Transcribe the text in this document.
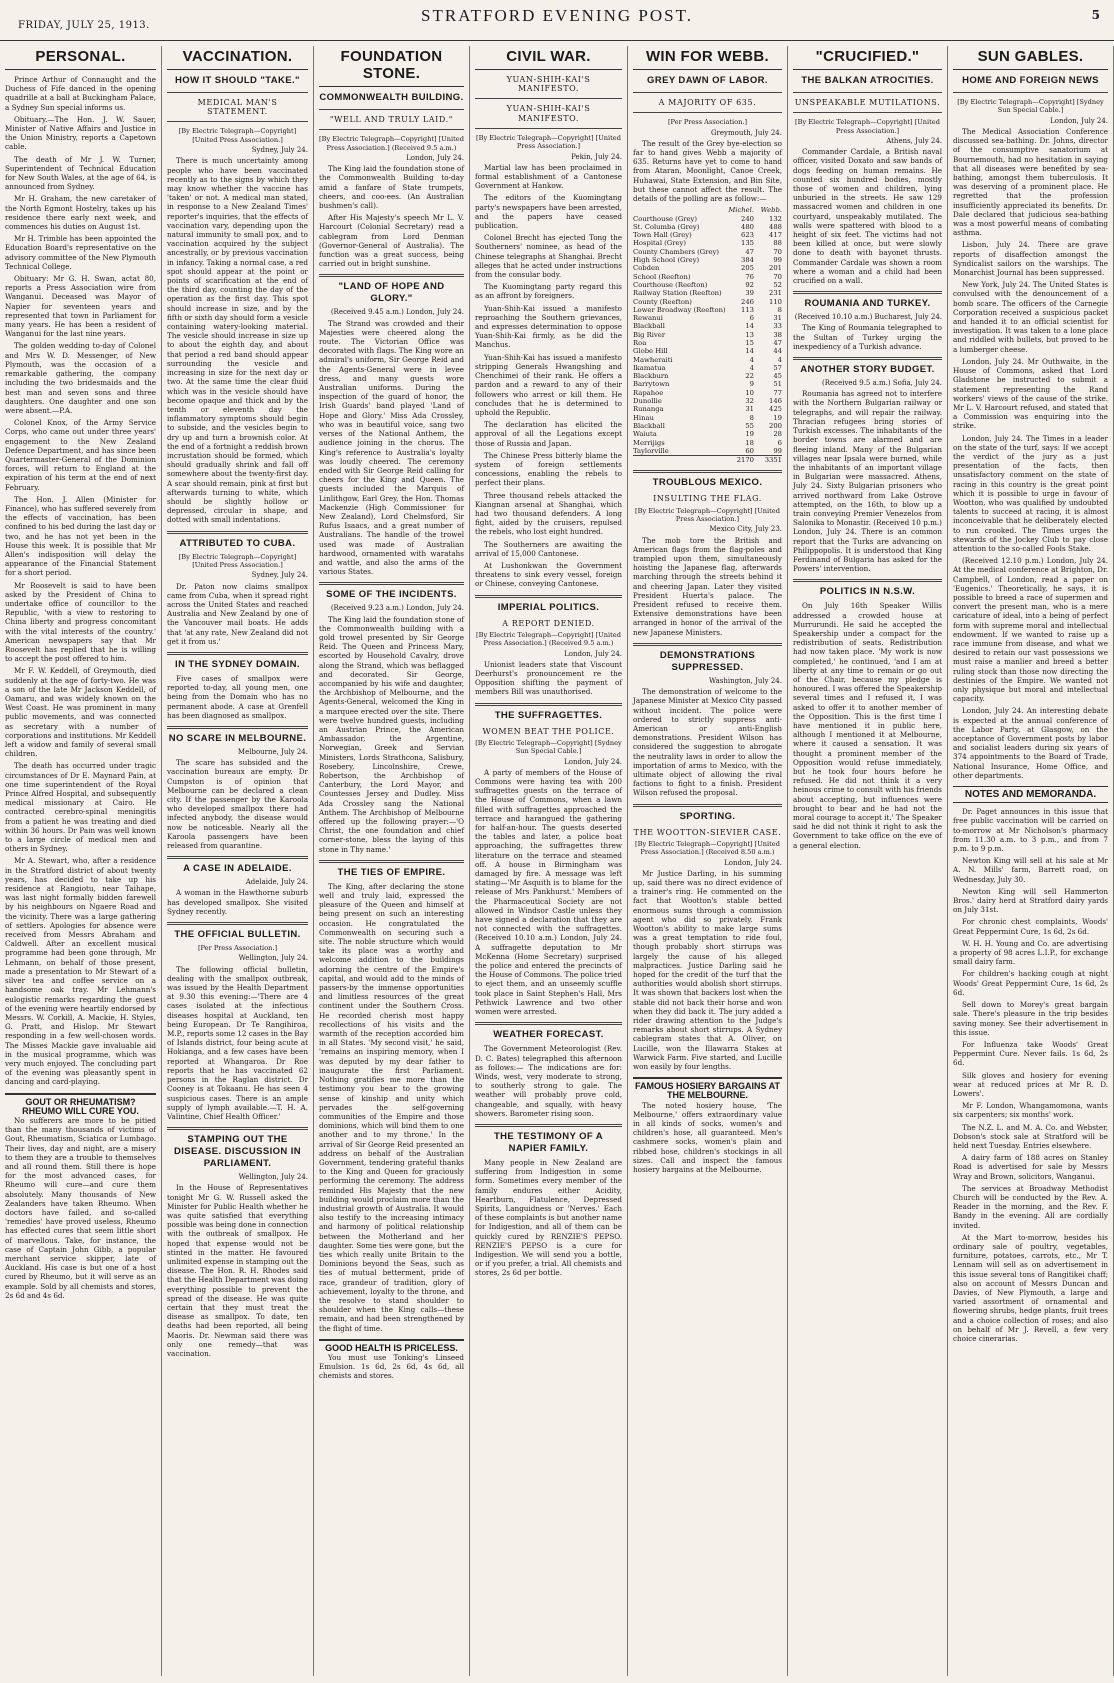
FRIDAY, JULY 25, 1913.
STRATFORD EVENING POST.	5
PERSONAL.

Prince Arthur of Connaught and the Duchess of Fife danced in the opening quadrille at a ball at Buckingham Palace, a Sydney Sun special informs us.

Obituary.—The Hon. J. W. Sauer, Minister of Native Affairs and Justice in the Union Ministry, reports a Capetown cable.

The death of Mr J. W. Turner, Superintendent of Technical Education for New South Wales, at the age of 64, is announced from Sydney.

Mr H. Graham, the new caretaker of the North Egmont Hostelry, takes up his residence there early next week, and commences his duties on August 1st.

Mr H. Trimble has been appointed the Education Board's representative on the advisory committee of the New Plymouth Technical College.

Obituary: Mr G. H. Swan, actat 80, reports a Press Association wire from Wanganui. Deceased was Mayor of Napier for seventeen years and represented that town in Parliament for many years. He has been a resident of Wanganui for the last nine years.

The golden wedding to-day of Colonel and Mrs W. D. Messenger, of New Plymouth, was the occasion of a remarkable gathering, the company including the two bridesmaids and the best man and seven sons and three daughters. One daughter and one son were absent.—P.A.

Colonel Knox, of the Army Service Corps, who came out under three years' engagement to the New Zealand Defence Department, and has since been Quartermaster-General of the Dominion forces, will return to England at the expiration of his term at the end of next February.

The Hon. J. Allen (Minister for Finance), who has suffered severely from the effects of vaccination, has been confined to his bed during the last day or two, and he has not yet been in the House this week. It is possible that Mr Allen's indisposition will delay the appearance of the Financial Statement for a short period.

Mr Roosevelt is said to have been asked by the President of China to undertake office of councillor to the Republic, 'with a view to restoring to China liberty and progress concomitant with the vital interests of the country.' American newspapers say that Mr Roosevelt has replied that he is willing to accept the post offered to him.

Mr F. W. Keddell, of Greymouth, died suddenly at the age of forty-two. He was a son of the late Mr Jackson Keddell, of Oamaru, and was widely known on the West Coast. He was prominent in many public movements, and was connected as secretary with a number of corporations and institutions. Mr Keddell left a widow and family of several small children.

The death has occurred under tragic circumstances of Dr E. Maynard Pain, at one time superintendent of the Royal Prince Alfred Hospital, and subsequently medical missionary at Cairo. He contracted cerebro-spinal meningitis from a patient he was treating and died within 36 hours. Dr Pain was well known to a large circle of medical men and others in Sydney.

Mr A. Stewart, who, after a residence in the Stratford district of about twenty years, has decided to take up his residence at Rangiotu, near Taihape, was last night formally bidden farewell by his neighbours on Ngaere Road and the vicinity. There was a large gathering of settlers. Apologies for absence were received from Messrs Abraham and Caldwell. After an excellent musical programme had been gone through, Mr Lehmann, on behalf of those present, made a presentation to Mr Stewart of a silver tea and coffee service on a handsome oak tray. Mr Lehmann's eulogistic remarks regarding the guest of the evening were heartily endorsed by Messrs. W. Corkill, A. Mackie, H. Styles, G. Pratt, and Hislop. Mr Stewart responding in a few well-chosen words. The Misses Mackie gave invaluable aid in the musical programme, which was very much enjoyed. The concluding part of the evening was pleasantly spent in dancing and card-playing.

GOUT OR RHEUMATISM? RHEUMO WILL CURE YOU.

No sufferers are more to be pitied than the many thousands of victims of Gout, Rheumatism, Sciatica or Lumbago. Their lives, day and night, are a misery to them they are a trouble to themselves and all round them. Still there is hope for the most advanced cases, for Rheumo will cure—and cure them absolutely. Many thousands of New Zealanders have taken Rheumo. When doctors have failed, and so-called 'remedies' have proved useless, Rheumo has effected cures that seem little short of marvellous. Take, for instance, the case of Captain John Gibb, a popular merchant service skipper, late of Auckland. His case is but one of a host cured by Rheumo, but it will serve as an example. Sold by all chemists and stores, 2s 6d and 4s 6d.

VACCINATION.
HOW IT SHOULD "TAKE."
MEDICAL MAN'S STATEMENT.
[By Electric Telegraph—Copyright] [United Press Association.]
Sydney, July 24.

There is much uncertainty among people who have been vaccinated recently as to the signs by which they may know whether the vaccine has 'taken' or not. A medical man stated, in response to a New Zealand Times' reporter's inquiries, that the effects of vaccination vary, depending upon the natural immunity to small pox, and to vaccination acquired by the subject ancestrally, or by previous vaccination in infancy. Taking a normal case, a red spot should appear at the point or points of scarification at the end of the third day, counting the day of the operation as the first day. This spot should increase in size, and by the fifth or sixth day should form a vesicle containing watery-looking material. The vesicle should increase in size up to about the eighth day, and about that period a red band should appear surrounding the vesicle and increasing in size for the next day or two. At the same time the clear fluid which was in the vesicle should have become opaque and thick and by the tenth or eleventh day the inflammatory symptoms should begin to subside, and the vesicles begin to dry up and turn a brownish color. At the end of a fortnight a reddish brown incrustation should be formed, which should gradually shrink and fall off somewhere about the twenty-first day. A scar should remain, pink at first but afterwards turning to white, which should be slightly hollow or depressed, circular in shape, and dotted with small indentations.

ATTRIBUTED TO CUBA.
[By Electric Telegraph—Copyright] [United Press Association.]
Sydney, July 24.

Dr. Paton now claims smallpox came from Cuba, when it spread right across the United States and reached Australia and New Zealand by one of the Vancouver mail boats. He adds that 'at any rate, New Zealand did not get it from us.'

IN THE SYDNEY DOMAIN.

Five cases of smallpox were reported to-day, all young men, one being from the Domain who has no permanent abode. A case at Grenfell has been diagnosed as smallpox.

NO SCARE IN MELBOURNE.
Melbourne, July 24.

The scare has subsided and the vaccination bureaux are empty. Dr Cumpston is of opinion that Melbourne can be declared a clean city. If the passenger by the Karoola who developed smallpox there had infected anybody, the disease would now be noticeable. Nearly all the Karoola passengers have been released from quarantine.

A CASE IN ADELAIDE.
Adelaide, July 24.

A woman in the Hawthorne suburb has developed smallpox. She visited Sydney recently.

THE OFFICIAL BULLETIN.
[Per Press Association.]
Wellington, July 24.

The following official bulletin, dealing with the smallpox outbreak, was issued by the Health Department at 9.30 this evening:—'There are 4 cases isolated at the infectious diseases hospital at Auckland, ten being European. Dr Te Rangihiroa, M.P., reports some 12 cases in the Bay of Islands district, four being acute at Hokianga, and a few cases have been reported at Whangaroa. Dr Roe reports that he has vaccinated 62 persons in the Raglan district. Dr Cooney is at Tokaanu. He has seen 4 suspicious cases. There is an ample supply of lymph available.—T. H. A. Valintine, Chief Health Officer.'

STAMPING OUT THE DISEASE. DISCUSSION IN PARLIAMENT.
Wellington, July 24.

In the House of Representatives tonight Mr G. W. Russell asked the Minister for Public Health whether he was quite satisfied that everything possible was being done in connection with the outbreak of smallpox. He hoped that expense would not be stinted in the matter. He favoured unlimited expense in stamping out the disease. The Hon. R. H. Rhodes said that the Health Department was doing everything possible to prevent the spread of the disease. He was quite certain that they must treat the disease as smallpox. To date, ten deaths had been reported, all being Maoris. Dr. Newman said there was only one remedy—that was vaccination.

FOUNDATION STONE.
COMMONWEALTH BUILDING.
"WELL AND TRULY LAID."
[By Electric Telegraph—Copyright] [United Press Association.] (Received 9.5 a.m.)
London, July 24.

The King laid the foundation stone of the Commonwealth Building to-day amid a fanfare of State trumpets, cheers, and coo-ees. (An Australian bushmen's call).

After His Majesty's speech Mr L. V. Harcourt (Colonial Secretary) read a cablegram from Lord Denman (Governor-General of Australia). The function was a great success, being carried out in bright sunshine.

"LAND OF HOPE AND GLORY."
(Received 9.45 a.m.) London, July 24.

The Strand was crowded and their Majesties were cheered along the route. The Victorian Office was decorated with flags. The King wore an admiral's uniform, Sir George Reid and the Agents-General were in levee dress, and many guests wore Australian uniforms. During the inspection of the guard of honor, the Irish Guards' band played 'Land of Hope and Glory.' Miss Ada Crossley, who was in beautiful voice, sang two verses of the National Anthem, the audience joining in the chorus. The King's reference to Australia's loyalty was loudly cheered. The ceremony ended with Sir George Reid calling for cheers for the King and Queen. The guests included the Marquis of Linlithgow, Earl Grey, the Hon. Thomas Mackenzie (High Commissioner for New Zealand), Lord Chelmsford, Sir Rufus Isaacs, and a great number of Australians. The handle of the trowel used was made of Australian hardwood, ornamented with waratahs and wattle, and also the arms of the various States.

SOME OF THE INCIDENTS.
(Received 9.23 a.m.) London, July 24.

The King laid the foundation stone of the Commonwealth building with a gold trowel presented by Sir George Reid. The Queen and Princess Mary, escorted by Household Cavalry, drove along the Strand, which was beflagged and decorated. Sir George, accompanied by his wife and daughter, the Archbishop of Melbourne, and the Agents-General, welcomed the King in a marquee erected over the site. There were twelve hundred guests, including an Austrian Prince, the American Ambassador, the Argentine, Norwegian, Greek and Servian Ministers, Lords Strathcona, Salisbury, Rosebery, Lincolnshire, Crewe, Robertson, the Archbishop of Canterbury, the Lord Mayor, and Countesses Jersey and Dudley. Miss Ada Crossley sang the National Anthem. The Archbishop of Melbourne offered up the following prayer:—'O Christ, the one foundation and chief corner-stone, bless the laying of this stone in Thy name.'

THE TIES OF EMPIRE.

The King, after declaring the stone well and truly laid, expressed the pleasure of the Queen and himself at being present on such an interesting occasion. He congratulated the Commonwealth on securing such a site. The noble structure which would take its place was a worthy and welcome addition to the buildings adorning the centre of the Empire's capital, and would add to the minds of passers-by the immense opportunities and limitless resources of the great continent under the Southern Cross. He recorded cherish most happy recollections of his visits and the warmth of the reception accorded him in all States. 'My second visit,' he said, 'remains an inspiring memory, when I was deputed by my dear father to inaugurate the first Parliament. Nothing gratifies me more than the testimony you bear to the growing sense of kinship and unity which pervades the self-governing communities of the Empire and those dominions, which will bind them to one another and to my throne.' In the arrival of Sir George Reid presented an address on behalf of the Australian Government, tendering grateful thanks to the King and Queen for graciously performing the ceremony. The address reminded His Majesty that the new building would proclaim more than the industrial growth of Australia. It would also testify to the increasing intimacy and harmony of political relationship between the Motherland and her daughter. Some ties were gone, but the ties which really unite Britain to the Dominions beyond the Seas, such as ties of mutual betterment, pride of race, grandeur of tradition, glory of achievement, loyalty to the throne, and the resolve to stand shoulder to shoulder when the King calls—these remain, and had been strengthened by the flight of time.

GOOD HEALTH IS PRICELESS.

You must use Tonking's Linseed Emulsion. 1s 6d, 2s 6d, 4s 6d, all chemists and stores.

CIVIL WAR.
YUAN-SHIH-KAI'S MANIFESTO.
YUAN-SHIH-KAI'S MANIFESTO.
[By Electric Telegraph—Copyright] [United Press Association.]
Pekin, July 24.

Martial law has been proclaimed in formal establishment of a Cantonese Government at Hankow.

The editors of the Kuomingtang party's newspapers have been arrested, and the papers have ceased publication.

Colonel Brecht has ejected Tong the Southerners' nominee, as head of the Chinese telegraphs at Shanghai. Brecht alleges that he acted under instructions from the consular body.

The Kuomingtang party regard this as an affront by foreigners.

Yuan-Shih-Kai issued a manifesto reproaching the Southern grievances, and expresses determination to oppose Yuan-Shih-Kai firmly, as he did the Manchus.

Yuan-Shih-Kai has issued a manifesto stripping Generals Hwangshing and Chenchimei of their rank. He offers a pardon and a reward to any of their followers who arrest or kill them. He concludes that he is determined to uphold the Republic.

The declaration has elicited the approval of all the Legations except those of Russia and Japan.

The Chinese Press bitterly blame the system of foreign settlements concessions, enabling the rebels to perfect their plans.

Three thousand rebels attacked the Kiangnan arsenal at Shanghai, which had two thousand defenders. A long fight, aided by the cruisers, repulsed the rebels, who lost eight hundred.

The Southerners are awaiting the arrival of 15,000 Cantonese.

At Lushonkwan the Government threatens to sink every vessel, foreign or Chinese, conveying Cantonese.

IMPERIAL POLITICS.
A REPORT DENIED.
[By Electric Telegraph—Copyright] [United Press Association.] (Received 9.5 a.m.)
London, July 24.

Unionist leaders state that Viscount Deerhurst's pronouncement re the Opposition shifting the payment of members Bill was unauthorised.

THE SUFFRAGETTES.
WOMEN BEAT THE POLICE.
[By Electric Telegraph—Copyright] [Sydney Sun Special Cable.]
London, July 24.

A party of members of the House of Commons were having tea with 200 suffragettes guests on the terrace of the House of Commons, when a lawn filled with suffragettes approached the terrace and harangued the gathering for half-an-hour. The guests deserted the tables and later, a police boat approaching, the suffragettes threw literature on the terrace and steamed off. A house in Birmingham was damaged by fire. A message was left stating—'Mr Asquith is to blame for the release of Mrs Pankhurst.' Members of the Pharmaceutical Society are not allowed in Windsor Castle unless they have signed a declaration that they are not connected with the suffragettes. (Received 10.10 a.m.) London, July 24. A suffragette deputation to Mr McKenna (Home Secretary) surprised the police and entered the precincts of the House of Commons. The police tried to eject them, and an unseemly scuffle took place in Saint Stephen's Hall, Mrs Pethwick Lawrence and two other women were arrested.

WEATHER FORECAST.

The Government Meteorologist (Rev. D. C. Bates) telegraphed this afternoon as follows:— The indications are for: Winds, west, very moderate to strong, to southerly strong to gale. The weather will probably prove cold, changeable, and squally, with heavy showers. Barometer rising soon.

THE TESTIMONY OF A NAPIER FAMILY.

Many people in New Zealand are suffering from Indigestion in some form. Sometimes every member of the family endures either Acidity, Heartburn, Flatulence, Depressed Spirits, Languidness or 'Nerves.' Each of these complaints is but another name for Indigestion, and all of them can be quickly cured by RENZIE'S PEPSO. RENZIE'S PEPSO is a cure for Indigestion. We will send you a bottle, or if you prefer, a trial. All chemists and stores, 2s 6d per bottle.

WIN FOR WEBB.
GREY DAWN OF LABOR.
A MAJORITY OF 635.
[Per Press Association.]
Greymouth, July 24.

The result of the Grey bye-election so far to hand gives Webb a majority of 635. Returns have yet to come to hand from Ataran, Moonlight, Canoe Creek, Huhawai, State Extension, and Bin Site, but these cannot affect the result. The details of the polling are as follow:—

	Michel.	Webb.
Courthouse (Grey)	240	132
St. Columba (Grey)	480	488
Town Hall (Grey)	623	417
Hospital (Grey)	135	88
County Chambers (Grey)	47	70
High School (Grey)	384	99
Cobden	205	201
School (Reefton)	76	70
Courthouse (Reefton)	92	52
Railway Station (Reefton)	39	231
County (Reefton)	246	110
Lower Broadway (Reefton)	113	8
Rewanui	6	31
Blackball	14	33
Big River	13	38
Roa	15	47
Globe Hill	14	44
Mawheraiti	4	4
Ikamatua	4	57
Blackburn	22	45
Barrytown	9	51
Rapahoe	10	77
Dunollie	32	146
Runanga	31	425
Hinau	8	19
Blackball	55	200
Waiuta	19	28
Merrijigs	18	6
Taylorville	60	99
	2170	3351
TROUBLOUS MEXICO.
INSULTING THE FLAG.
[By Electric Telegraph—Copyright] [United Press Association.]
Mexico City, July 23.

The mob tore the British and American flags from the flag-poles and trampled upon them, simultaneously hoisting the Japanese flag, afterwards marching through the streets behind it and cheering Japan. Later they visited President Huerta's palace. The President refused to receive them. Extensive demonstrations have been arranged in honor of the arrival of the new Japanese Ministers.

DEMONSTRATIONS SUPPRESSED.
Washington, July 24.

The demonstration of welcome to the Japanese Minister at Mexico City passed without incident. The police were ordered to strictly suppress anti-American or anti-English demonstrations. President Wilson has considered the suggestion to abrogate the neutrality laws in order to allow the importation of arms to Mexico, with the ultimate object of allowing the rival factions to fight to a finish. President Wilson refused the proposal.

SPORTING.
THE WOOTTON-SIEVIER CASE.
[By Electric Telegraph—Copyright] [United Press Association.] (Received 8.50 a.m.)
London, July 24.

Mr Justice Darling, in his summing up, said there was no direct evidence of a trainer's ring. He commented on the fact that Wootton's stable betted enormous sums through a commission agent who did so privately. Frank Wootton's ability to make large sums was a great temptation to ride foul, though probably short stirrups was largely the cause of his alleged malpractices. Justice Darling said he hoped for the credit of the turf that the authorities would abolish short stirrups. It was shown that backers lost when the stable did not back their horse and won when they did back it. The jury added a rider drawing attention to the Judge's remarks about short stirrups. A Sydney cablegram states that A. Oliver, on Lucille, won the Illawarra Stakes at Warwick Farm. Five started, and Lucille won easily by four lengths.

FAMOUS HOSIERY BARGAINS AT THE MELBOURNE.

The noted hosiery house, 'The Melbourne,' offers extraordinary value in all kinds of socks, women's and children's hose, all guaranteed. Men's cashmere socks, women's plain and ribbed hose, children's stockings in all sizes. Call and inspect the famous hosiery bargains at the Melbourne.

"CRUCIFIED."
THE BALKAN ATROCITIES.
UNSPEAKABLE MUTILATIONS.
[By Electric Telegraph—Copyright] [United Press Association.]
Athens, July 24.

Commander Cardale, a British naval officer, visited Doxato and saw bands of dogs feeding on human remains. He counted six hundred bodies, mostly those of women and children, lying unburied in the streets. He saw 129 massacred women and children in one courtyard, unspeakably mutilated. The walls were spattered with blood to a height of six feet. The victims had not been killed at once, but were slowly done to death with bayonet thrusts. Commander Cardale was shown a room where a woman and a child had been crucified on a wall.

ROUMANIA AND TURKEY.
(Received 10.10 a.m.) Bucharest, July 24.

The King of Roumania telegraphed to the Sultan of Turkey urging the inexpediency of a Turkish advance.

ANOTHER STORY BUDGET.
(Received 9.5 a.m.) Sofia, July 24.

Roumania has agreed not to interfere with the Northern Bulgarian railway or telegraphs, and will repair the railway. Thracian refugees bring stories of Turkish excesses. The inhabitants of the border towns are alarmed and are fleeing inland. Many of the Bulgarian villages near Ipsala were burned, while the inhabitants of an important village in Bulgarian were massacred. Athens, July 24. Sixty Bulgarian prisoners who arrived northward from Lake Ostrove attempted, on the 16th, to blow up a train conveying Premier Venezelos from Salonika to Monastir. (Received 10 p.m.) London, July 24. There is an common report that the Turks are advancing on Philippopolis. It is understood that King Ferdinand of Bulgaria has asked for the Powers' intervention.

POLITICS IN N.S.W.

On July 16th Speaker Willis addressed a crowded house at Murrurundi. He said he accepted the Speakership under a compact for the redistribution of seats. Redistribution had now taken place. 'My work is now completed,' he continued, 'and I am at liberty at any time to remain or go out of the Chair, because my pledge is honoured. I was offered the Speakership several times and I refused it, I was asked to offer it to another member of the Opposition. This is the first time I have mentioned it in public here, although I mentioned it at Melbourne, where it caused a sensation. It was thought a prominent member of the Opposition would refuse immediately, but he took four hours before he refused. He did not think it a very heinous crime to consult with his friends about accepting, but influences were brought to bear and he had not the moral courage to accept it.' The Speaker said he did not think it right to ask the Government to take office on the eve of a general election.

SUN GABLES.
HOME AND FOREIGN NEWS
[By Electric Telegraph—Copyright] [Sydney Sun Special Cable.]
London, July 24.

The Medical Association Conference discussed sea-bathing. Dr. Johns, director of the consumptive sanatorium at Bournemouth, had no hesitation in saying that all diseases were benefited by sea-bathing, amongst them tuberculosis. It was deserving of a prominent place. He regretted that the profession insufficiently appreciated its benefits. Dr. Dale declared that judicious sea-bathing was a most powerful means of combating asthma.

Lisbon, July 24. There are grave reports of disaffection amongst the Syndicalist sailors on the warships. The Monarchist Journal has been suppressed.

New York, July 24. The United States is convulsed with the denouncement of a bomb scare. The officers of the Carnegie Corporation received a suspicious packet and handed it to an official scientist for investigation. It was taken to a lone place and riddled with bullets, but proved to be a lumberger cheese.

London, July 24. Mr Outhwaite, in the House of Commons, asked that Lord Gladstone be instructed to submit a statement representing the Rand workers' views of the cause of the strike. Mr L. V. Harcourt refused, and stated that a Commission was enquiring into the strike.

London, July 24. The Times in a leader on the state of the turf, says: If we accept the verdict of the jury as a just presentation of the facts, then unsatisfactory comment on the state of racing in this country is the great point which it is possible to urge in favour of Wootton, who was qualified by undoubted talents to succeed at racing, it is almost inconceivable that he deliberately elected to run crooked. The Times urges the stewards of the Jockey Club to pay close attention to the so-called Fools Stake.

(Received 12.10 p.m.) London, July 24. At the medical conference at Brighton, Dr. Campbell, of London, read a paper on 'Eugenics.' Theoretically, he says, it is possible to breed a race of supermen and convert the present man, who is a mere caricature of ideal, into a being of perfect form with supreme moral and intellectual endowment. If we wanted to raise up a race immune from disease, and what we desired to retain our vast possessions we must raise a manlier and breed a better ruling stock than those now directing the destinies of the Empire. We wanted not only physique but moral and intellectual capacity.

London, July 24. An interesting debate is expected at the annual conference of the Labor Party, at Glasgow, on the acceptance of Government posts by labor and socialist leaders during six years of 374 appointments to the Board of Trade, National Insurance, Home Office, and other departments.

NOTES AND MEMORANDA.

Dr. Paget announces in this issue that free public vaccination will be carried on to-morrow at Mr Nicholson's pharmacy from 11.30 a.m. to 3 p.m., and from 7 p.m. to 9 p.m.

Newton King will sell at his sale at Mr A. N. Mills' farm, Barrett road, on Wednesday, July 30.

Newton King will sell Hammerton Bros.' dairy herd at Stratford dairy yards on July 31st.

For chronic chest complaints, Woods' Great Peppermint Cure, 1s 6d, 2s 6d.

W. H. H. Young and Co. are advertising a property of 98 acres L.I.P., for exchange small dairy farm.

For children's hacking cough at night Woods' Great Peppermint Cure, 1s 6d, 2s 6d.

Sell down to Morey's great bargain sale. There's pleasure in the trip besides saving money. See their advertisement in this issue.

For Influenza take Woods' Great Peppermint Cure. Never fails. 1s 6d, 2s 6d.

Silk gloves and hosiery for evening wear at reduced prices at Mr R. D. Lowers'.

Mr F. London, Whangamomona, wants six carpenters; six months' work.

The N.Z. L. and M. A. Co. and Webster, Dobson's stock sale at Stratford will be held next Tuesday. Entries elsewhere.

A dairy farm of 188 acres on Stanley Road is advertised for sale by Messrs Wray and Brown, solicitors, Wanganui.

The services at Broadway Methodist Church will be conducted by the Rev. A. Reader in the morning, and the Rev. F. Bandy in the evening. All are cordially invited.

At the Mart to-morrow, besides his ordinary sale of poultry, vegetables, furniture, potatoes, carrots, etc., Mr T. Lennam will sell as on advertisement in this issue several tons of Rangitikei chaff; also on account of Messrs Duncan and Davies, of New Plymouth, a large and varied assortment of ornamental and flowering shrubs, hedge plants, fruit trees and a choice collection of roses; and also on behalf of Mr J. Revell, a few very choice cinerarias.
